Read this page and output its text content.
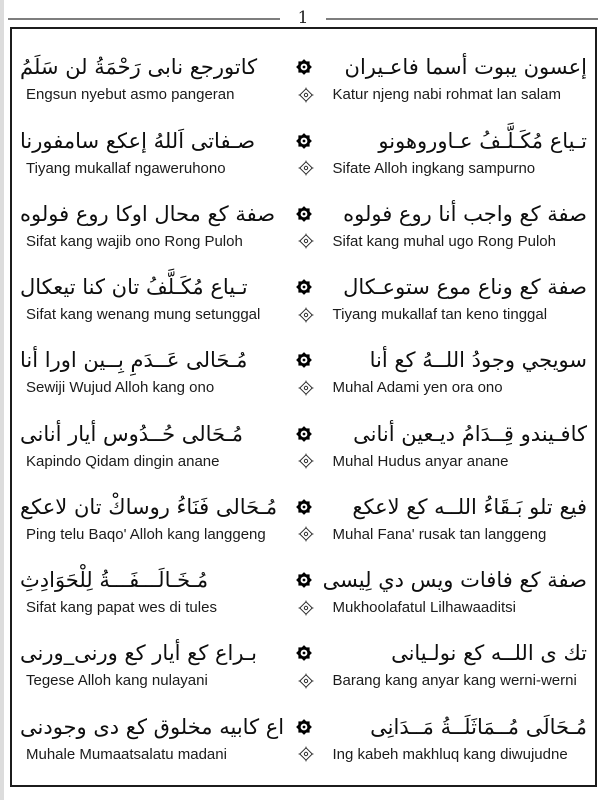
1
كاتورجع نابى رَحْمَةُ لن سَلَمُ	إعسون يبوت أسما فاعـيران
Engsun nyebut asmo pangeran	Katur njeng nabi rohmat lan salam
صـفاتى اَللهُ إعكع سامفورنا	تـياع مُكَـلَّـفُ عـاوروهونو
Tiyang mukallaf ngaweruhono	Sifate Alloh ingkang sampurno
صفة كع محال اوكا روع فولوه	صفة كع واجب أنا روع فولوه
Sifat kang wajib ono Rong Puloh	Sifat kang muhal ugo Rong Puloh
تـياع مُكَـلَّفُ تان كنا تيعكال	صفة كع وناع موع ستوعـكال
Sifat kang wenang mung setunggal	Tiyang mukallaf tan keno tinggal
مُـحَالى عَــدَمِ بِــين اورا أنا	سويجي وجودُ اللــهُ كع أنا
Sewiji Wujud Alloh kang ono	Muhal Adami yen ora ono
مُـحَالى حُــدُوس أيار أنانى	كافـيندو قِــدَامُ ديـعين أنانى
Kapindo Qidam dingin anane	Muhal Hudus anyar anane
مُـحَالى فَنَاءُ روساكْ تان لاعكع	فيع تلو بَـقَاءُ اللــه كع لاعكع
Ping telu Baqo' Alloh kang langgeng	Muhal Fana' rusak tan langgeng
مُـخَـالَـــفَـــةُ لِلْحَوَادِثِ	صفة كع فافات ويس دي لِيسى
Sifat kang papat wes di tules	Mukhoolafatul Lilhawaaditsi
بـراع كع أيار كع ورنى_ورنى	تك ى اللــه كع نولـيانى
Tegese Alloh kang nulayani	Barang kang anyar kang werni-werni
اع كابيه مخلوق كع دى وجودنى	مُـحَالَى مُــمَاثَلَــةُ مَــدَانِى
Muhale Mumaatsalatu madani	Ing kabeh makhluq kang diwujudne
